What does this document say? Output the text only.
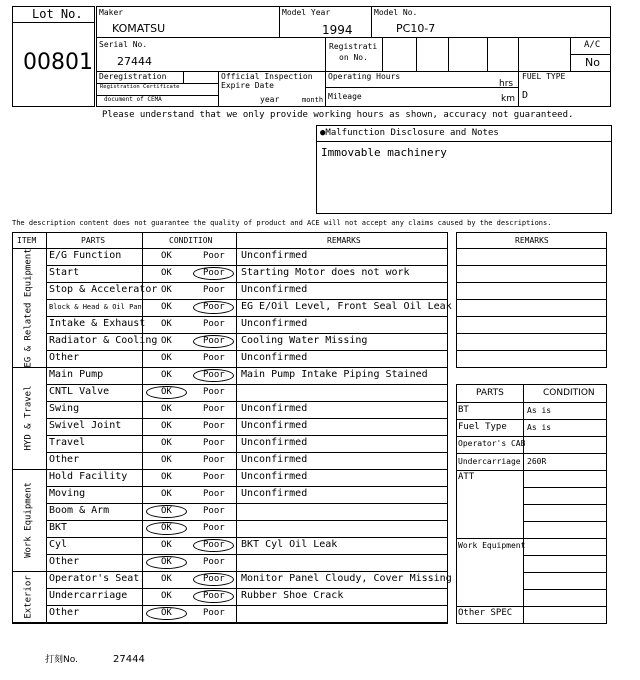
Lot No.
00801
Maker
KOMATSU
Model Year
1994
Model No.
PC10-7
Serial No.
27444
Registrati
on No.
A/C
No
Deregistration
Registration Certificate
document of CEMA
Official Inspection
Expire Date
year	month
Operating Hours
hrs
Mileage	km
FUEL TYPE
D
Please understand that we only provide working hours as shown, accuracy not guaranteed.
●Malfunction Disclosure and Notes
Immovable machinery
The description content does not guarantee the quality of product and ACE will not accept any claims caused by the descriptions.
ITEM	PARTS	CONDITION	REMARKS
E/G Function	OK	Poor Unconfirmed
Start	OK	Poor Starting Motor does not work
Stop & Accelerator OK	Poor Unconfirmed
Block & Head & Oil Pan OK	Poor EG E/Oil Level, Front Seal Oil Leak
Intake & Exhaust OK	Poor Unconfirmed
Radiator & Cooling OK	Poor Cooling Water Missing
Other	OK	Poor Unconfirmed
EG & Related Equipment
Main Pump	OK	Poor Main Pump Intake Piping Stained
CNTL Valve	OK	Poor
Swing	OK	Poor Unconfirmed
Swivel Joint	OK	Poor Unconfirmed
Travel	OK	Poor Unconfirmed
Other	OK	Poor Unconfirmed
HYD & Travel
Hold Facility	OK	Poor Unconfirmed
Moving	OK	Poor Unconfirmed
Boom & Arm	OK	Poor
BKT	OK	Poor
Cyl	OK	Poor BKT Cyl Oil Leak
Other	OK	Poor
Work Equipment
Operator's Seat OK	Poor Monitor Panel Cloudy, Cover Missing
Undercarriage	OK	Poor Rubber Shoe Crack
Other	OK	Poor
Exterior
REMARKS
PARTS	CONDITION
BT	As is
Fuel Type	As is
Operator's CAB
Undercarriage 260R
ATT
Work Equipment
Other SPEC
打刻No.	27444
